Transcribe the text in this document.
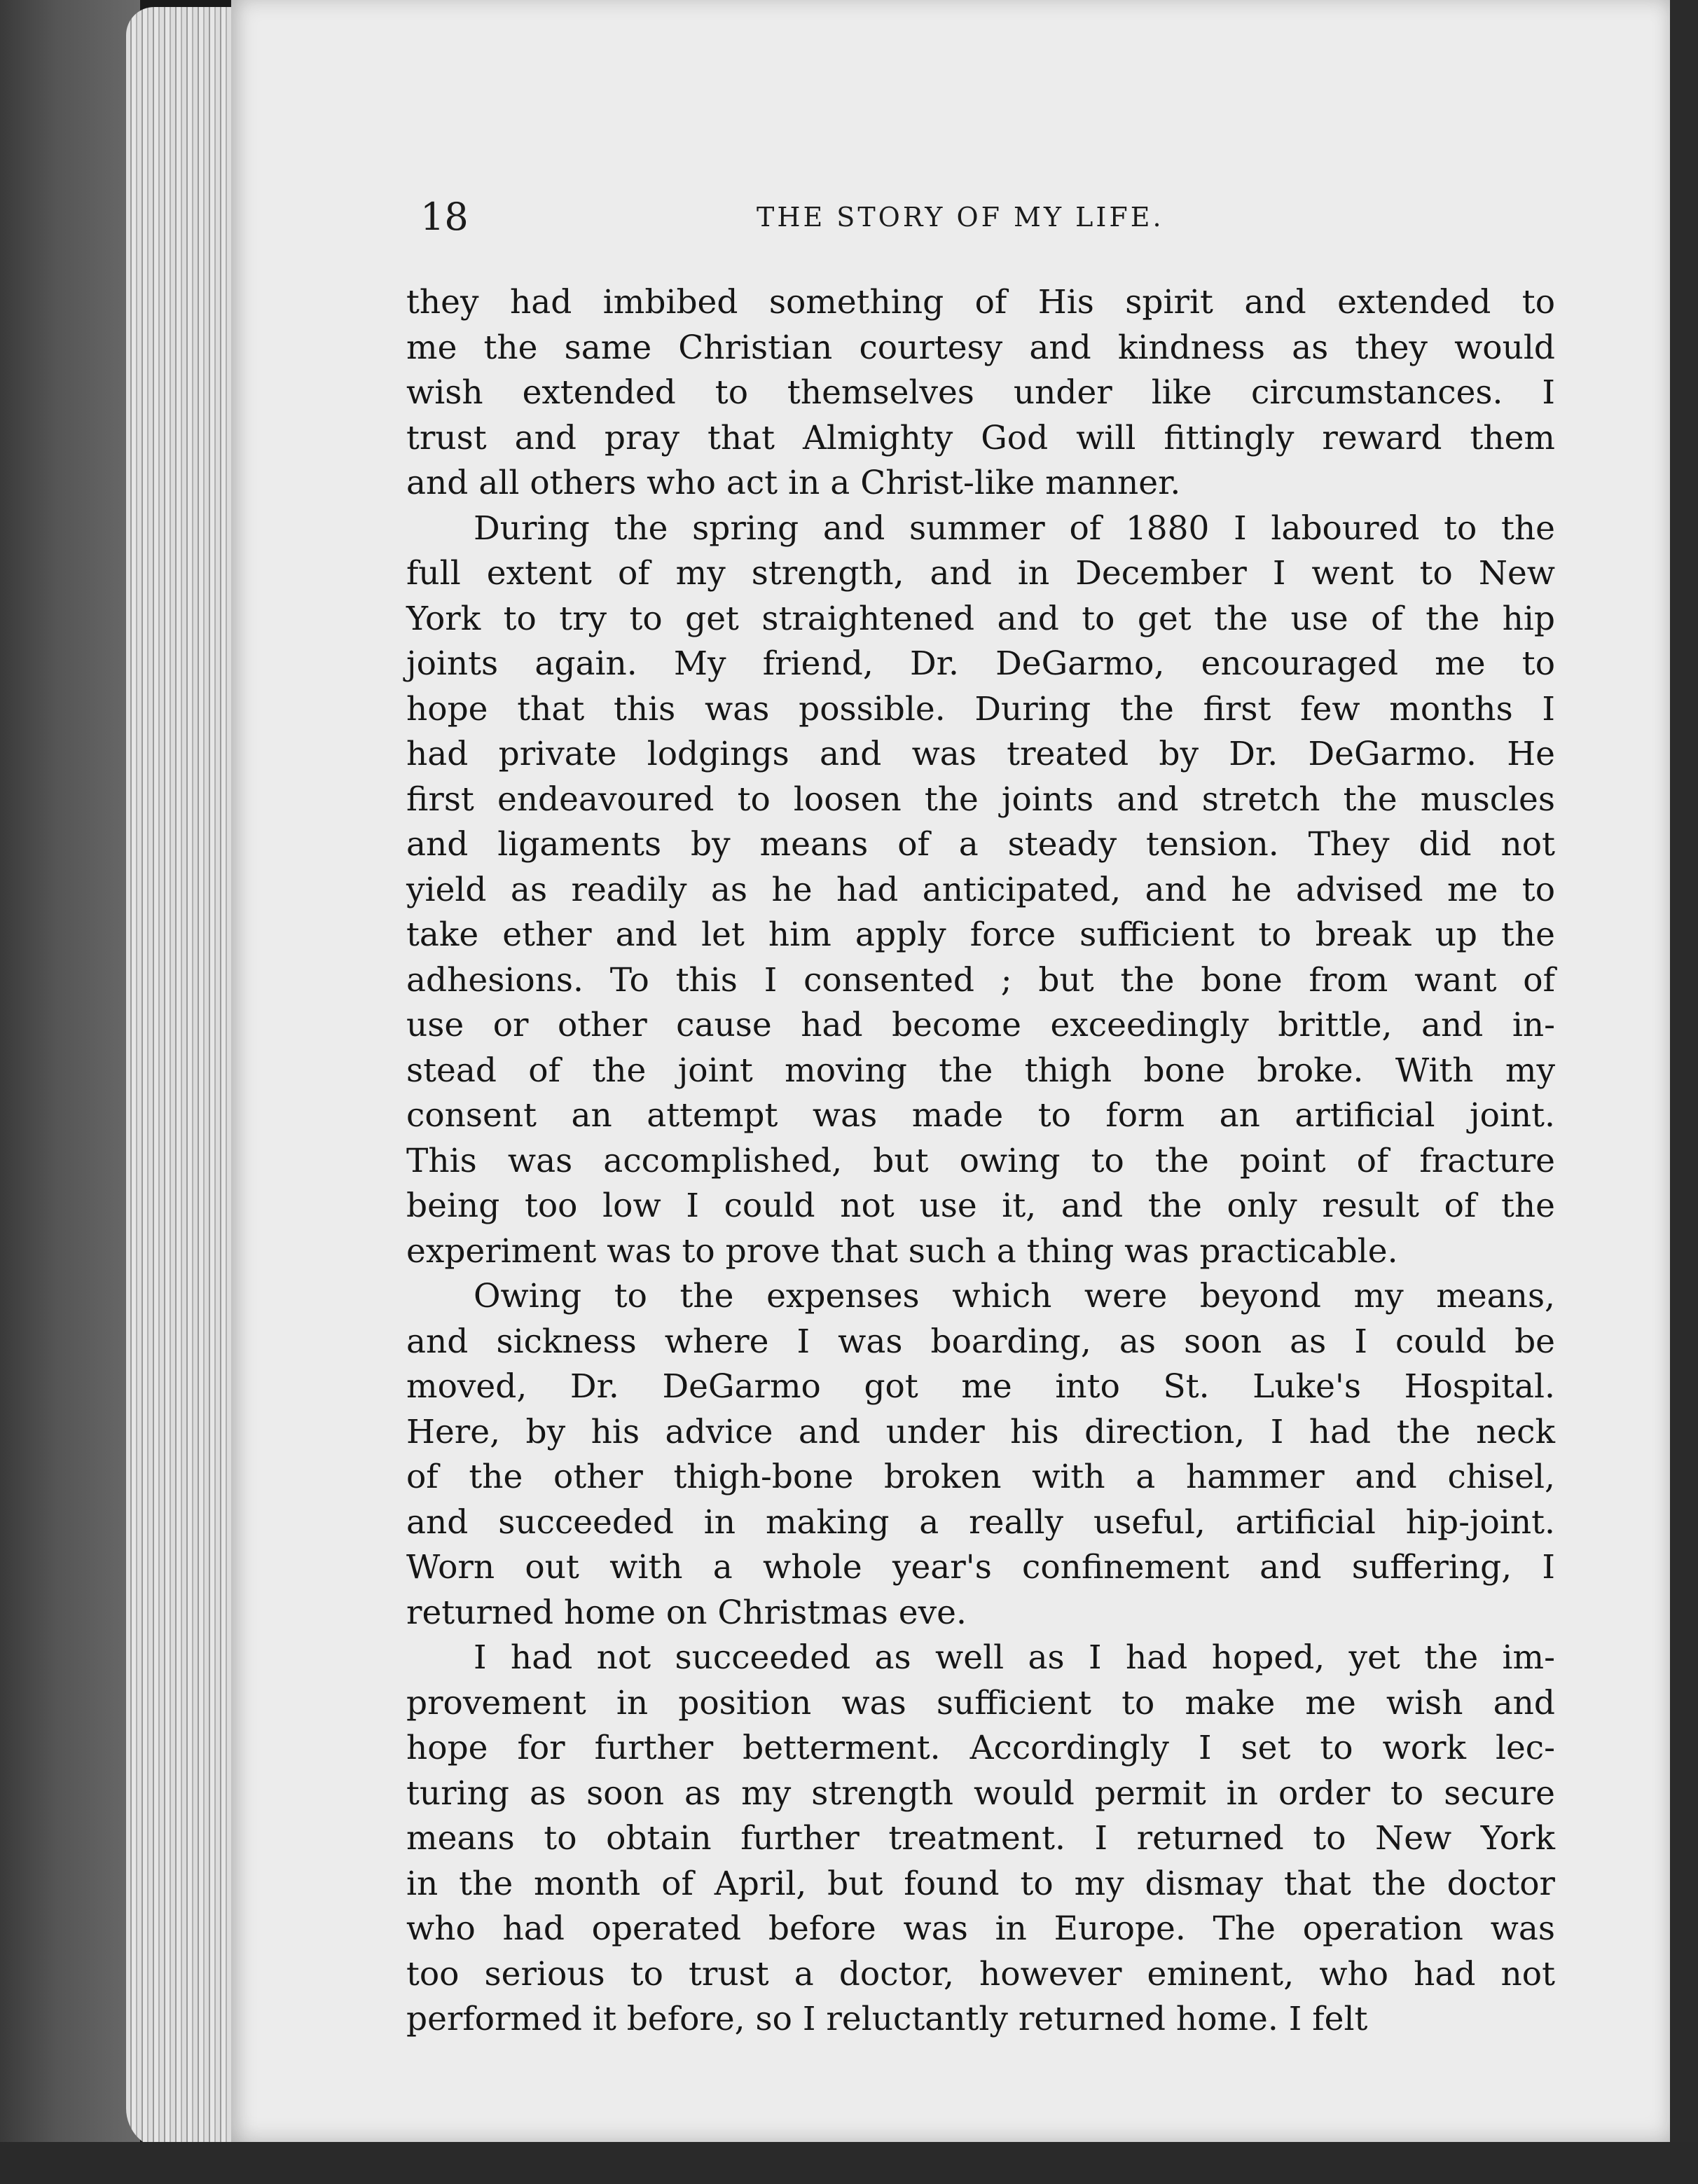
18	THE STORY OF MY LIFE.
they had imbibed something of His spirit and extended to
me the same Christian courtesy and kindness as they would
wish extended to themselves under like circumstances. I
trust and pray that Almighty God will fittingly reward them
and all others who act in a Christ-like manner.
During the spring and summer of 1880 I laboured to the
full extent of my strength, and in December I went to New
York to try to get straightened and to get the use of the hip
joints again. My friend, Dr. DeGarmo, encouraged me to
hope that this was possible. During the first few months I
had private lodgings and was treated by Dr. DeGarmo. He
first endeavoured to loosen the joints and stretch the muscles
and ligaments by means of a steady tension. They did not
yield as readily as he had anticipated, and he advised me to
take ether and let him apply force sufficient to break up the
adhesions. To this I consented ; but the bone from want of
use or other cause had become exceedingly brittle, and in-
stead of the joint moving the thigh bone broke. With my
consent an attempt was made to form an artificial joint.
This was accomplished, but owing to the point of fracture
being too low I could not use it, and the only result of the
experiment was to prove that such a thing was practicable.
Owing to the expenses which were beyond my means,
and sickness where I was boarding, as soon as I could be
moved, Dr. DeGarmo got me into St. Luke's Hospital.
Here, by his advice and under his direction, I had the neck
of the other thigh-bone broken with a hammer and chisel,
and succeeded in making a really useful, artificial hip-joint.
Worn out with a whole year's confinement and suffering, I
returned home on Christmas eve.
I had not succeeded as well as I had hoped, yet the im-
provement in position was sufficient to make me wish and
hope for further betterment. Accordingly I set to work lec-
turing as soon as my strength would permit in order to secure
means to obtain further treatment. I returned to New York
in the month of April, but found to my dismay that the doctor
who had operated before was in Europe. The operation was
too serious to trust a doctor, however eminent, who had not
performed it before, so I reluctantly returned home. I felt
